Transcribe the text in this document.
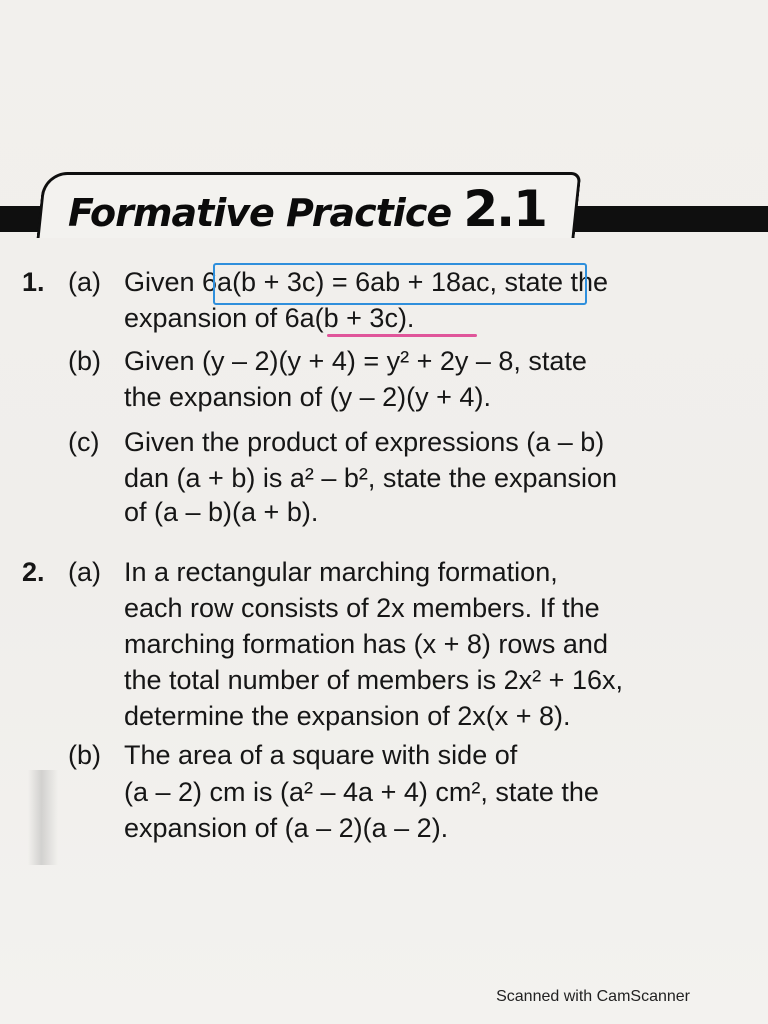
Formative Practice 2.1
1. (a) Given 6a(b + 3c) = 6ab + 18ac, state the
expansion of 6a(b + 3c).
(b) Given (y – 2)(y + 4) = y² + 2y – 8, state
the expansion of (y – 2)(y + 4).
(c) Given the product of expressions (a – b)
dan (a + b) is a² – b², state the expansion
of (a – b)(a + b).
2. (a) In a rectangular marching formation,
each row consists of 2x members. If the
marching formation has (x + 8) rows and
the total number of members is 2x² + 16x,
determine the expansion of 2x(x + 8).
(b) The area of a square with side of
(a – 2) cm is (a² – 4a + 4) cm², state the
expansion of (a – 2)(a – 2).
Scanned with CamScanner
